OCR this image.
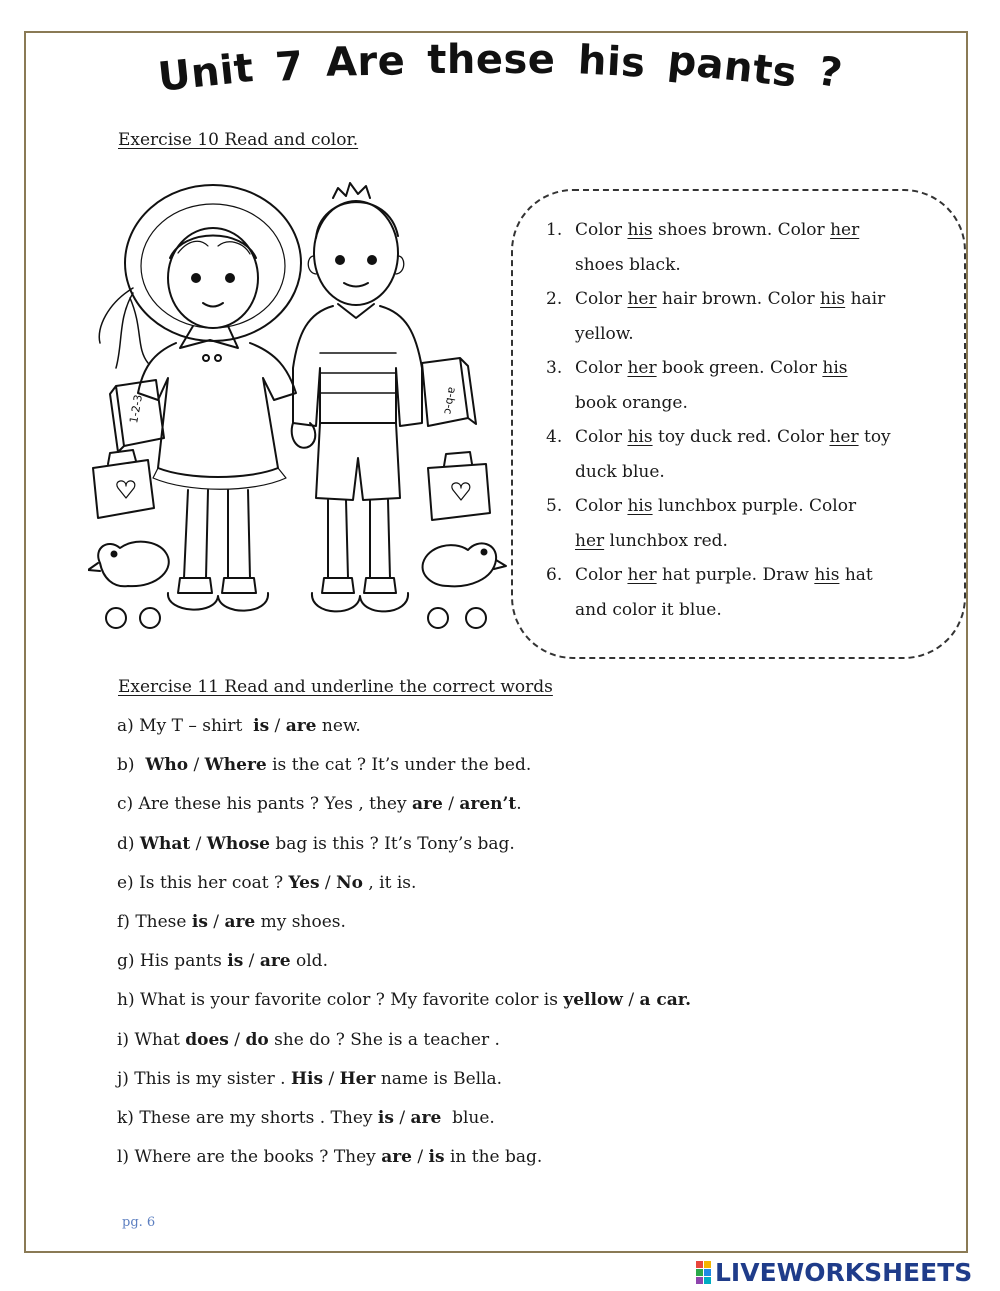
Unit 7 Are these his pants ?
Exercise 10 Read and color.
1-2-3	a-b-c
1. Color his shoes brown. Color her
shoes black.
2. Color her hair brown. Color his hair
yellow.
3. Color her book green. Color his
book orange.
4. Color his toy duck red. Color her toy
duck blue.
5. Color his lunchbox purple. Color
her lunchbox red.
6. Color her hat purple. Draw his hat
and color it blue.
Exercise 11 Read and underline the correct words
a) My T – shirt  is / are new.
b)  Who / Where is the cat ? It’s under the bed.
c) Are these his pants ? Yes , they are / aren’t.
d) What / Whose bag is this ? It’s Tony’s bag.
e) Is this her coat ? Yes / No , it is.
f) These is / are my shoes.
g) His pants is / are old.
h) What is your favorite color ? My favorite color is yellow / a car.
i) What does / do she do ? She is a teacher .
j) This is my sister . His / Her name is Bella.
k) These are my shorts . They is / are  blue.
l) Where are the books ? They are / is in the bag.
pg. 6
LIVEWORKSHEETS
